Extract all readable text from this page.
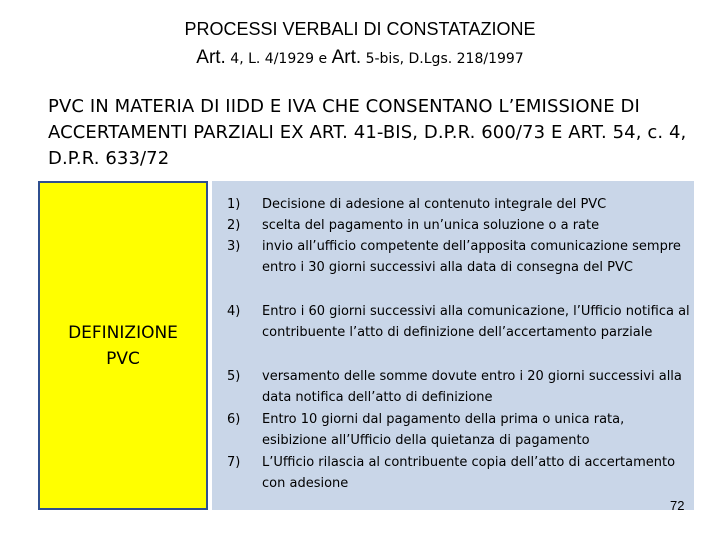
PROCESSI VERBALI DI CONSTATAZIONE
Art. 4, L. 4/1929 e Art. 5-bis, D.Lgs. 218/1997
PVC IN MATERIA DI IIDD E IVA CHE CONSENTANO L’EMISSIONE DI ACCERTAMENTI PARZIALI EX ART. 41-BIS, D.P.R. 600/73 E ART. 54, c. 4, D.P.R. 633/72
DEFINIZIONE
PVC
1)	Decisione di adesione al contenuto integrale del PVC
2)	scelta del pagamento in un’unica soluzione o a rate
3)	invio all’ufficio competente dell’apposita comunicazione sempre entro i 30 giorni successivi alla data di consegna del PVC
4)	Entro i 60 giorni successivi alla comunicazione, l’Ufficio notifica al contribuente l’atto di definizione dell’accertamento parziale
5)	versamento delle somme dovute entro i 20 giorni successivi alla data notifica dell’atto di definizione
6)	Entro 10 giorni dal pagamento della prima o unica rata, esibizione all’Ufficio della quietanza di pagamento
7)	L’Ufficio rilascia al contribuente copia dell’atto di accertamento con adesione
72
